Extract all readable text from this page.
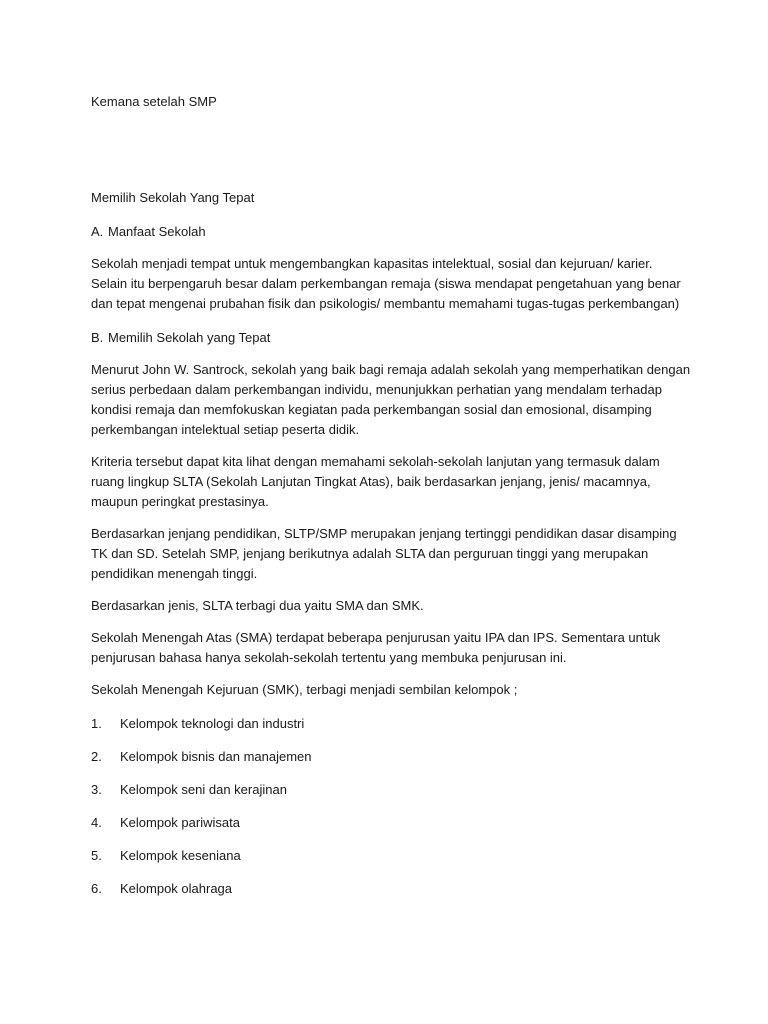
Kemana setelah SMP

Memilih Sekolah Yang Tepat

A. Manfaat Sekolah

Sekolah menjadi tempat untuk mengembangkan kapasitas intelektual, sosial dan kejuruan/ karier. Selain itu berpengaruh besar dalam perkembangan remaja (siswa mendapat pengetahuan yang benar dan tepat mengenai prubahan fisik dan psikologis/ membantu memahami tugas-tugas perkembangan)

B. Memilih Sekolah yang Tepat

Menurut John W. Santrock, sekolah yang baik bagi remaja adalah sekolah yang memperhatikan dengan serius perbedaan dalam perkembangan individu, menunjukkan perhatian yang mendalam terhadap kondisi remaja dan memfokuskan kegiatan pada perkembangan sosial dan emosional, disamping perkembangan intelektual setiap peserta didik.

Kriteria tersebut dapat kita lihat dengan memahami sekolah-sekolah lanjutan yang termasuk dalam ruang lingkup SLTA (Sekolah Lanjutan Tingkat Atas), baik berdasarkan jenjang, jenis/ macamnya, maupun peringkat prestasinya.

Berdasarkan jenjang pendidikan, SLTP/SMP merupakan jenjang tertinggi pendidikan dasar disamping TK dan SD. Setelah SMP, jenjang berikutnya adalah SLTA dan perguruan tinggi yang merupakan pendidikan menengah tinggi.

Berdasarkan jenis, SLTA terbagi dua yaitu SMA dan SMK.

Sekolah Menengah Atas (SMA) terdapat beberapa penjurusan yaitu IPA dan IPS. Sementara untuk penjurusan bahasa hanya sekolah-sekolah tertentu yang membuka penjurusan ini.

Sekolah Menengah Kejuruan (SMK), terbagi menjadi sembilan kelompok ;

1. Kelompok teknologi dan industri
2. Kelompok bisnis dan manajemen
3. Kelompok seni dan kerajinan
4. Kelompok pariwisata
5. Kelompok keseniana
6. Kelompok olahraga
